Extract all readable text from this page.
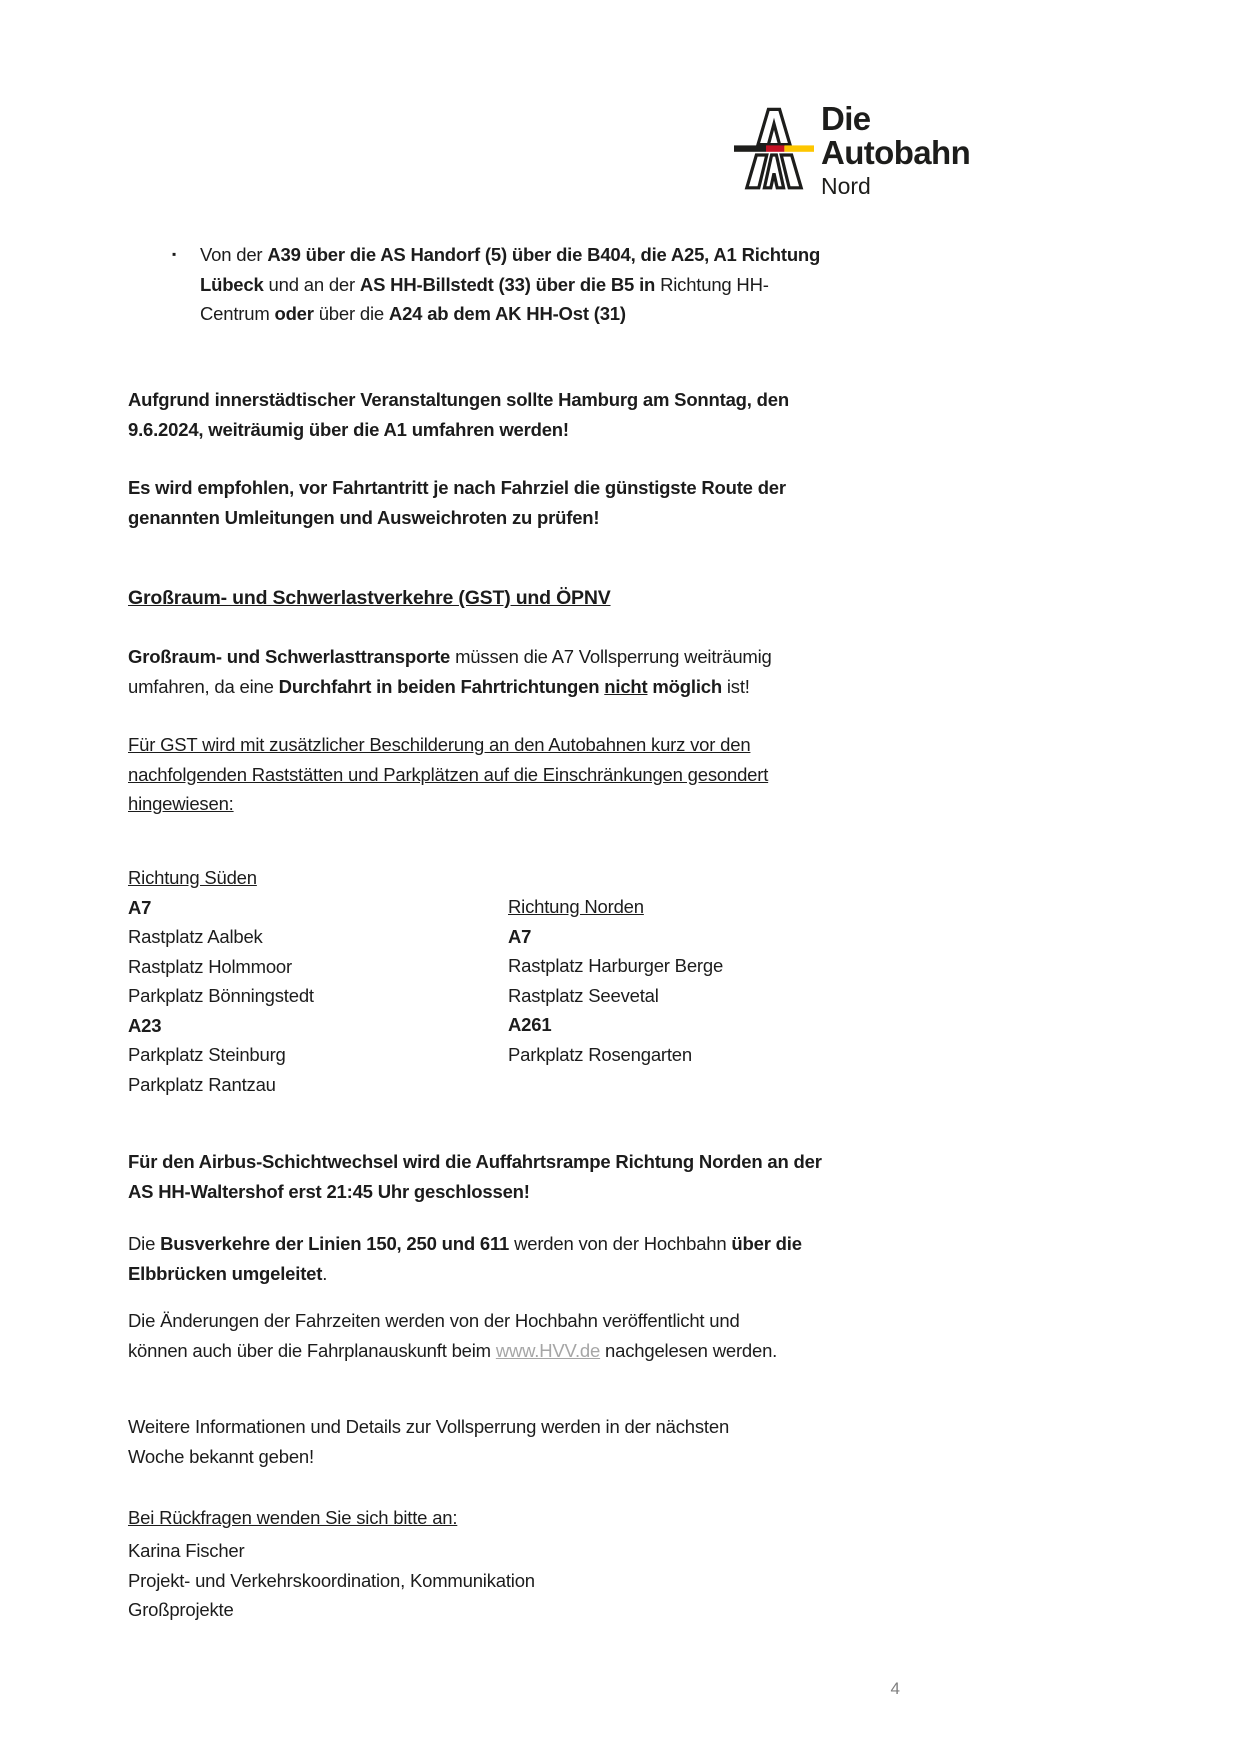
Die
Autobahn
Nord
▪ Von der A39 über die AS Handorf (5) über die B404, die A25, A1 Richtung
Lübeck und an der AS HH-Billstedt (33) über die B5 in Richtung HH-
Centrum oder über die A24 ab dem AK HH-Ost (31)
Aufgrund innerstädtischer Veranstaltungen sollte Hamburg am Sonntag, den
9.6.2024, weiträumig über die A1 umfahren werden!
Es wird empfohlen, vor Fahrtantritt je nach Fahrziel die günstigste Route der
genannten Umleitungen und Ausweichroten zu prüfen!
Großraum- und Schwerlastverkehre (GST) und ÖPNV
Großraum- und Schwerlasttransporte müssen die A7 Vollsperrung weiträumig
umfahren, da eine Durchfahrt in beiden Fahrtrichtungen nicht möglich ist!
Für GST wird mit zusätzlicher Beschilderung an den Autobahnen kurz vor den
nachfolgenden Raststätten und Parkplätzen auf die Einschränkungen gesondert
hingewiesen:
Richtung Süden
A7
Rastplatz Aalbek
Rastplatz Holmmoor
Parkplatz Bönningstedt
A23
Parkplatz Steinburg
Parkplatz Rantzau
Richtung Norden
A7
Rastplatz Harburger Berge
Rastplatz Seevetal
A261
Parkplatz Rosengarten
Für den Airbus-Schichtwechsel wird die Auffahrtsrampe Richtung Norden an der
AS HH-Waltershof erst 21:45 Uhr geschlossen!
Die Busverkehre der Linien 150, 250 und 611 werden von der Hochbahn über die
Elbbrücken umgeleitet.
Die Änderungen der Fahrzeiten werden von der Hochbahn veröffentlicht und
können auch über die Fahrplanauskunft beim www.HVV.de nachgelesen werden.
Weitere Informationen und Details zur Vollsperrung werden in der nächsten
Woche bekannt geben!
Bei Rückfragen wenden Sie sich bitte an:
Karina Fischer
Projekt- und Verkehrskoordination, Kommunikation
Großprojekte
4
